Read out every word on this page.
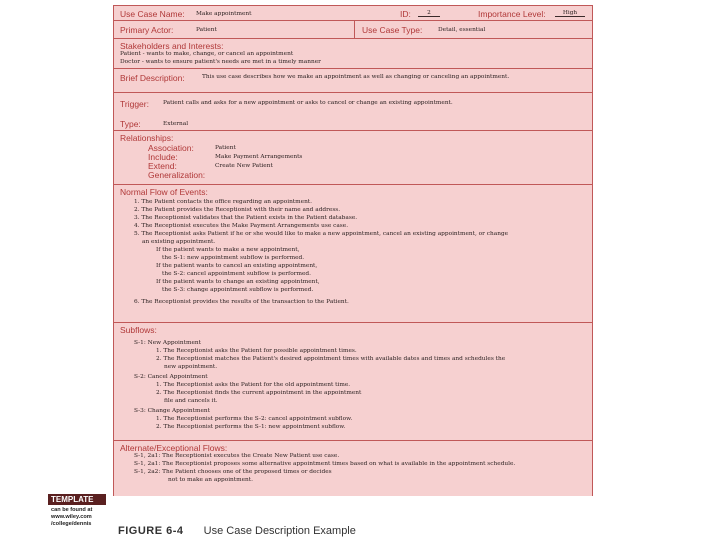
Use Case Name: Make appointment	ID:	2	Importance Level:	High
Primary Actor:	Patient	Use Case Type:	Detail, essential
Stakeholders and Interests:
Patient - wants to make, change, or cancel an appointment
Doctor - wants to ensure patient's needs are met in a timely manner
Brief Description:	This use case describes how we make an appointment as well as changing or canceling an appointment.
Trigger: Patient calls and asks for a new appointment or asks to cancel or change an existing appointment.
Type:	External
Relationships:
Association:	Patient
Include:	Make Payment Arrangements
Extend:	Create New Patient
Generalization:
Normal Flow of Events:
1. The Patient contacts the office regarding an appointment.
2. The Patient provides the Receptionist with their name and address.
3. The Receptionist validates that the Patient exists in the Patient database.
4. The Receptionist executes the Make Payment Arrangements use case.
5. The Receptionist asks Patient if he or she would like to make a new appointment, cancel an existing appointment, or change
an existing appointment.
If the patient wants to make a new appointment,
the S-1: new appointment subflow is performed.
If the patient wants to cancel an existing appointment,
the S-2: cancel appointment subflow is performed.
If the patient wants to change an existing appointment,
the S-3: change appointment subflow is performed.
6. The Receptionist provides the results of the transaction to the Patient.
Subflows:
S-1: New Appointment
1. The Receptionist asks the Patient for possible appointment times.
2. The Receptionist matches the Patient's desired appointment times with available dates and times and schedules the
new appointment.
S-2: Cancel Appointment
1. The Receptionist asks the Patient for the old appointment time.
2. The Receptionist finds the current appointment in the appointment
file and cancels it.
S-3: Change Appointment
1. The Receptionist performs the S-2: cancel appointment subflow.
2. The Receptionist performs the S-1: new appointment subflow.
Alternate/Exceptional Flows:
S-1, 2a1: The Receptionist executes the Create New Patient use case.
S-1, 2a1: The Receptionist proposes some alternative appointment times based on what is available in the appointment schedule.
S-1, 2a2: The Patient chooses one of the proposed times or decides
not to make an appointment.
TEMPLATE
can be found at
www.wiley.com
/college/dennis
FIGURE 6-4 Use Case Description Example
